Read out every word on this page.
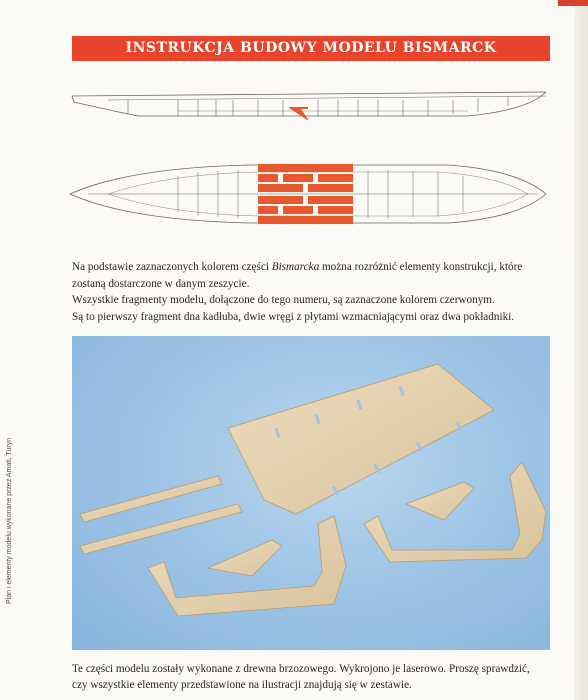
INSTRUKCJA BUDOWY MODELU BISMARCK

Na podstawie zaznaczonych kolorem części Bismarcka można rozróżnić elementy konstrukcji, które

zostaną dostarczone w danym zeszycie.

Wszystkie fragmenty modelu, dołączone do tego numeru, są zaznaczone kolorem czerwonym.

Są to pierwszy fragment dna kadłuba, dwie wręgi z płytami wzmacniającymi oraz dwa pokładniki.

Te części modelu zostały wykonane z drewna brzozowego. Wykrojono je laserowo. Proszę sprawdzić,

czy wszystkie elementy przedstawione na ilustracji znajdują się w zestawie.

Plan i elementy modelu wykonane przez Amati, Turyn
